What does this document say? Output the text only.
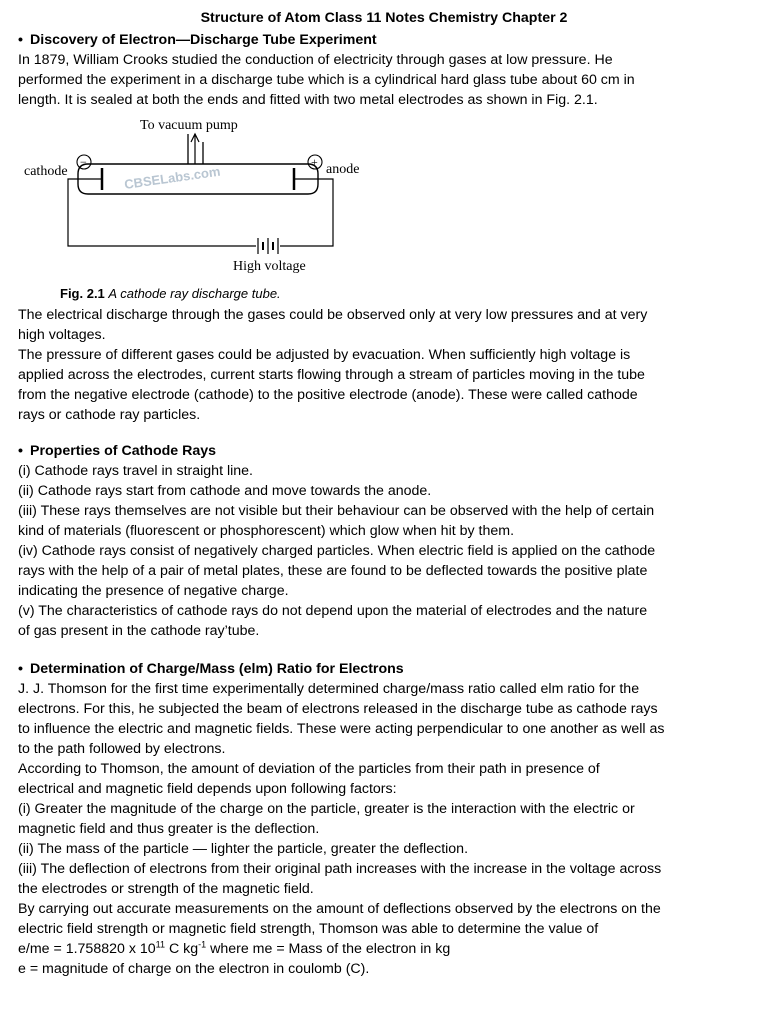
Structure of Atom Class 11 Notes Chemistry Chapter 2
• Discovery of Electron—Discharge Tube Experiment
In 1879, William Crooks studied the conduction of electricity through gases at low pressure. He
performed the experiment in a discharge tube which is a cylindrical hard glass tube about 60 cm in
length. It is sealed at both the ends and fitted with two metal electrodes as shown in Fig. 2.1.
To vacuum pump
cathode
−	+ anode
CBSELabs.com
High voltage
Fig. 2.1 A cathode ray discharge tube.
The electrical discharge through the gases could be observed only at very low pressures and at very
high voltages.
The pressure of different gases could be adjusted by evacuation. When sufficiently high voltage is
applied across the electrodes, current starts flowing through a stream of particles moving in the tube
from the negative electrode (cathode) to the positive electrode (anode). These were called cathode
rays or cathode ray particles.
• Properties of Cathode Rays
(i) Cathode rays travel in straight line.
(ii) Cathode rays start from cathode and move towards the anode.
(iii) These rays themselves are not visible but their behaviour can be observed with the help of certain
kind of materials (fluorescent or phosphorescent) which glow when hit by them.
(iv) Cathode rays consist of negatively charged particles. When electric field is applied on the cathode
rays with the help of a pair of metal plates, these are found to be deflected towards the positive plate
indicating the presence of negative charge.
(v) The characteristics of cathode rays do not depend upon the material of electrodes and the nature
of gas present in the cathode ray’tube.
• Determination of Charge/Mass (elm) Ratio for Electrons
J. J. Thomson for the first time experimentally determined charge/mass ratio called elm ratio for the
electrons. For this, he subjected the beam of electrons released in the discharge tube as cathode rays
to influence the electric and magnetic fields. These were acting perpendicular to one another as well as
to the path followed by electrons.
According to Thomson, the amount of deviation of the particles from their path in presence of
electrical and magnetic field depends upon following factors:
(i) Greater the magnitude of the charge on the particle, greater is the interaction with the electric or
magnetic field and thus greater is the deflection.
(ii) The mass of the particle — lighter the particle, greater the deflection.
(iii) The deflection of electrons from their original path increases with the increase in the voltage across
the electrodes or strength of the magnetic field.
By carrying out accurate measurements on the amount of deflections observed by the electrons on the
electric field strength or magnetic field strength, Thomson was able to determine the value of
e/me = 1.758820 x $10^{11}$ C $kg^{-1}$ where me = Mass of the electron in kg
e = magnitude of charge on the electron in coulomb (C).
